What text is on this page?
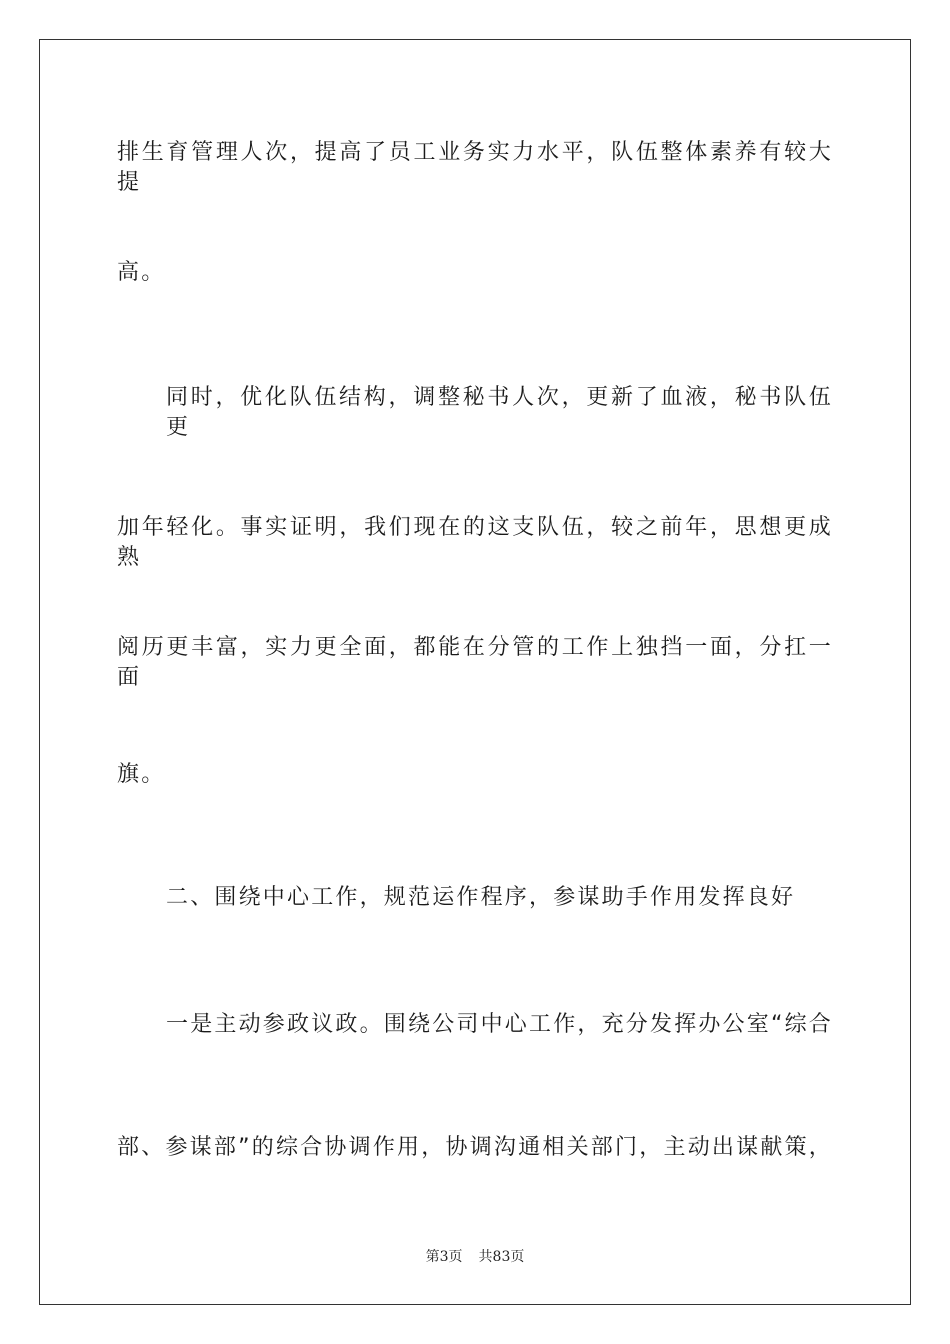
排生育管理人次，提高了员工业务实力水平，队伍整体素养有较大提

高。

同时，优化队伍结构，调整秘书人次，更新了血液，秘书队伍更

加年轻化。事实证明，我们现在的这支队伍，较之前年，思想更成熟

阅历更丰富，实力更全面，都能在分管的工作上独挡一面，分扛一面

旗。

二、围绕中心工作，规范运作程序，参谋助手作用发挥良好

一是主动参政议政。围绕公司中心工作，充分发挥办公室“综合

部、参谋部”的综合协调作用，协调沟通相关部门，主动出谋献策，

第3页 共83页
